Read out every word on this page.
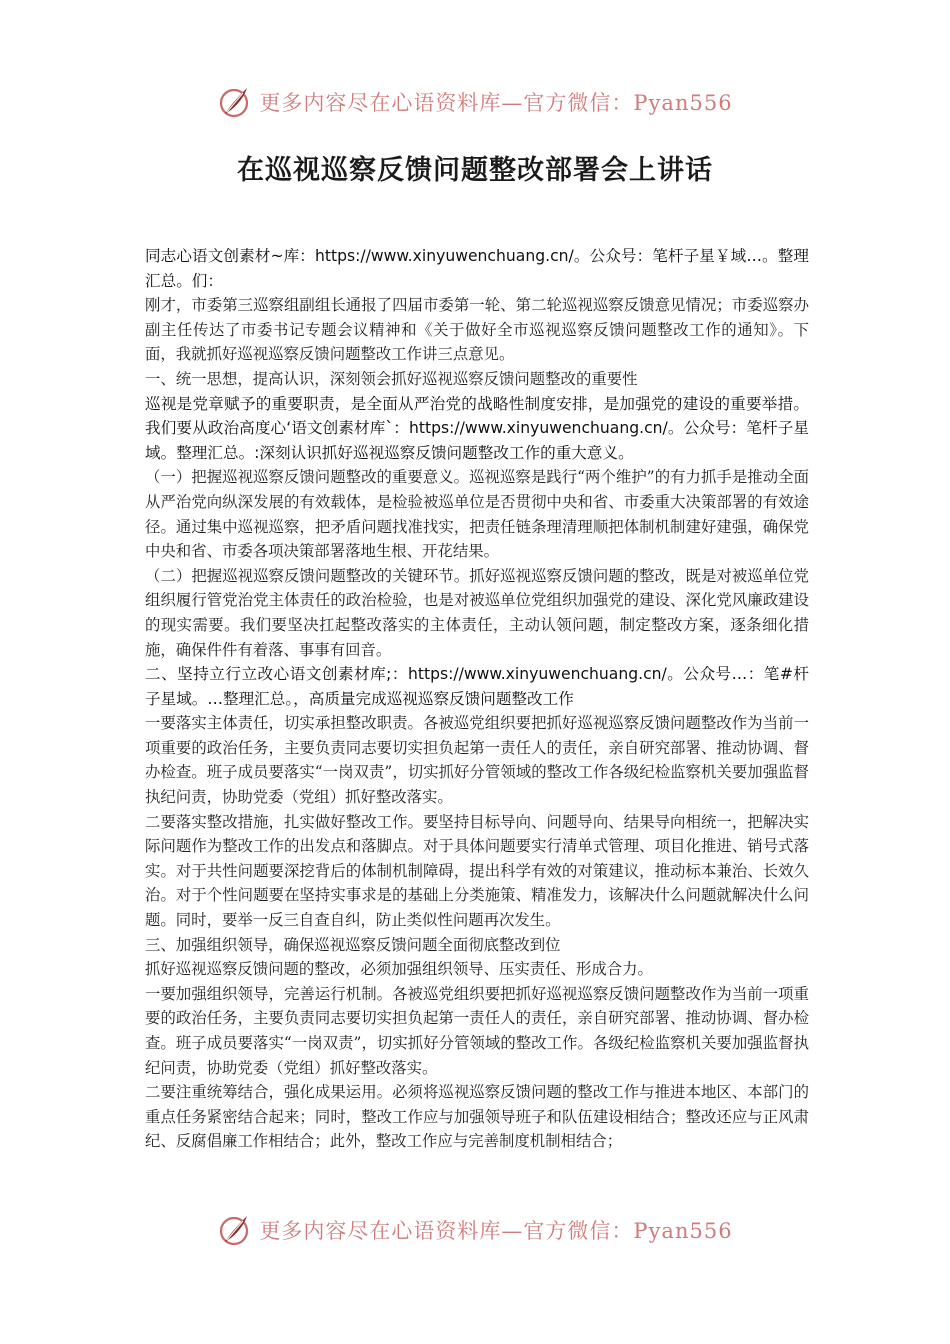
更多内容尽在心语资料库—官方微信：Pyan556
在巡视巡察反馈问题整改部署会上讲话

同志心语文创素材~库：https://www.xinyuwenchuang.cn/。公众号：笔杆子星￥域…。整理汇总。们：

刚才，市委第三巡察组副组长通报了四届市委第一轮、第二轮巡视巡察反馈意见情况；市委巡察办副主任传达了市委书记专题会议精神和《关于做好全市巡视巡察反馈问题整改工作的通知》。下面，我就抓好巡视巡察反馈问题整改工作讲三点意见。

一、统一思想，提高认识，深刻领会抓好巡视巡察反馈问题整改的重要性

巡视是党章赋予的重要职责，是全面从严治党的战略性制度安排，是加强党的建设的重要举措。我们要从政治高度心‘语文创素材库`：https://www.xinyuwenchuang.cn/。公众号：笔杆子星域。整理汇总。:深刻认识抓好巡视巡察反馈问题整改工作的重大意义。

（一）把握巡视巡察反馈问题整改的重要意义。巡视巡察是践行“两个维护”的有力抓手是推动全面从严治党向纵深发展的有效载体，是检验被巡单位是否贯彻中央和省、市委重大决策部署的有效途径。通过集中巡视巡察，把矛盾问题找准找实，把责任链条理清理顺把体制机制建好建强，确保党中央和省、市委各项决策部署落地生根、开花结果。

（二）把握巡视巡察反馈问题整改的关键环节。抓好巡视巡察反馈问题的整改，既是对被巡单位党组织履行管党治党主体责任的政治检验，也是对被巡单位党组织加强党的建设、深化党风廉政建设的现实需要。我们要坚决扛起整改落实的主体责任，主动认领问题，制定整改方案，逐条细化措施，确保件件有着落、事事有回音。

二、坚持立行立改心语文创素材库;：https://www.xinyuwenchuang.cn/。公众号…：笔#杆子星域。…整理汇总。，高质量完成巡视巡察反馈问题整改工作

一要落实主体责任，切实承担整改职责。各被巡党组织要把抓好巡视巡察反馈问题整改作为当前一项重要的政治任务，主要负责同志要切实担负起第一责任人的责任，亲自研究部署、推动协调、督办检查。班子成员要落实“一岗双责”，切实抓好分管领域的整改工作各级纪检监察机关要加强监督执纪问责，协助党委（党组）抓好整改落实。

二要落实整改措施，扎实做好整改工作。要坚持目标导向、问题导向、结果导向相统一，把解决实际问题作为整改工作的出发点和落脚点。对于具体问题要实行清单式管理、项目化推进、销号式落实。对于共性问题要深挖背后的体制机制障碍，提出科学有效的对策建议，推动标本兼治、长效久治。对于个性问题要在坚持实事求是的基础上分类施策、精准发力，该解决什么问题就解决什么问题。同时，要举一反三自查自纠，防止类似性问题再次发生。

三、加强组织领导，确保巡视巡察反馈问题全面彻底整改到位

抓好巡视巡察反馈问题的整改，必须加强组织领导、压实责任、形成合力。

一要加强组织领导，完善运行机制。各被巡党组织要把抓好巡视巡察反馈问题整改作为当前一项重要的政治任务，主要负责同志要切实担负起第一责任人的责任，亲自研究部署、推动协调、督办检查。班子成员要落实“一岗双责”，切实抓好分管领域的整改工作。各级纪检监察机关要加强监督执纪问责，协助党委（党组）抓好整改落实。

二要注重统筹结合，强化成果运用。必须将巡视巡察反馈问题的整改工作与推进本地区、本部门的重点任务紧密结合起来；同时，整改工作应与加强领导班子和队伍建设相结合；整改还应与正风肃纪、反腐倡廉工作相结合；此外，整改工作应与完善制度机制相结合；

更多内容尽在心语资料库—官方微信：Pyan556
